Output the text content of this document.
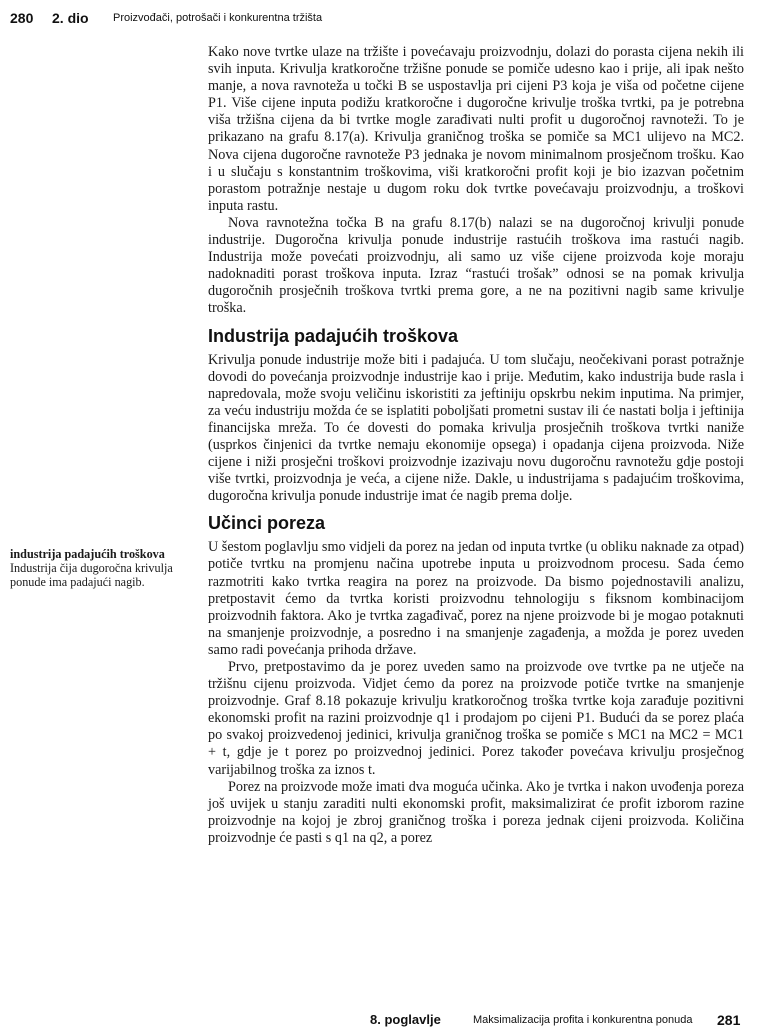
280 2. dio Proizvođači, potrošači i konkurentna tržišta

Kako nove tvrtke ulaze na tržište i povećavaju proizvodnju, dolazi do porasta cijena nekih ili svih inputa. Krivulja kratkoročne tržišne ponude se pomiče udesno kao i prije, ali ipak nešto manje, a nova ravnoteža u točki B se uspostavlja pri cijeni P3 koja je viša od početne cijene P1. Više cijene inputa podižu kratkoročne i dugoročne krivulje troška tvrtki, pa je potrebna viša tržišna cijena da bi tvrtke mogle zarađivati nulti profit u dugoročnoj ravnoteži. To je prikazano na grafu 8.17(a). Krivulja graničnog troška se pomiče sa MC1 ulijevo na MC2. Nova cijena dugoročne ravnoteže P3 jednaka je novom minimalnom prosječnom trošku. Kao i u slučaju s konstantnim troškovima, viši kratkoročni profit koji je bio izazvan početnim porastom potražnje nestaje u dugom roku dok tvrtke povećavaju proizvodnju, a troškovi inputa rastu.

Nova ravnotežna točka B na grafu 8.17(b) nalazi se na dugoročnoj krivulji ponude industrije. Dugoročna krivulja ponude industrije rastućih troškova ima rastući nagib. Industrija može povećati proizvodnju, ali samo uz više cijene proizvoda koje moraju nadoknaditi porast troškova inputa. Izraz “rastući trošak” odnosi se na pomak krivulja dugoročnih prosječnih troškova tvrtki prema gore, a ne na pozitivni nagib same krivulje troška.

Industrija padajućih troškova

Krivulja ponude industrije može biti i padajuća. U tom slučaju, neočekivani porast potražnje dovodi do povećanja proizvodnje industrije kao i prije. Međutim, kako industrija bude rasla i napredovala, može svoju veličinu iskoristiti za jeftiniju opskrbu nekim inputima. Na primjer, za veću industriju možda će se isplatiti poboljšati prometni sustav ili će nastati bolja i jeftinija financijska mreža. To će dovesti do pomaka krivulja prosječnih troškova tvrtki naniže (usprkos činjenici da tvrtke nemaju ekonomije opsega) i opadanja cijena proizvoda. Niže cijene i niži prosječni troškovi proizvodnje izazivaju novu dugoročnu ravnotežu gdje postoji više tvrtki, proizvodnja je veća, a cijene niže. Dakle, u industrijama s padajućim troškovima, dugoročna krivulja ponude industrije imat će nagib prema dolje.

Učinci poreza

U šestom poglavlju smo vidjeli da porez na jedan od inputa tvrtke (u obliku naknade za otpad) potiče tvrtku na promjenu načina upotrebe inputa u proizvodnom procesu. Sada ćemo razmotriti kako tvrtka reagira na porez na proizvode. Da bismo pojednostavili analizu, pretpostavit ćemo da tvrtka koristi proizvodnu tehnologiju s fiksnom kombinacijom proizvodnih faktora. Ako je tvrtka zagađivač, porez na njene proizvode bi je mogao potaknuti na smanjenje proizvodnje, a posredno i na smanjenje zagađenja, a možda je porez uveden samo radi povećanja prihoda države.

Prvo, pretpostavimo da je porez uveden samo na proizvode ove tvrtke pa ne utječe na tržišnu cijenu proizvoda. Vidjet ćemo da porez na proizvode potiče tvrtke na smanjenje proizvodnje. Graf 8.18 pokazuje krivulju kratkoročnog troška tvrtke koja zarađuje pozitivni ekonomski profit na razini proizvodnje q1 i prodajom po cijeni P1. Budući da se porez plaća po svakoj proizvedenoj jedinici, krivulja graničnog troška se pomiče s MC1 na MC2 = MC1 + t, gdje je t porez po proizvednoj jedinici. Porez također povećava krivulju prosječnog varijabilnog troška za iznos t.

Porez na proizvode može imati dva moguća učinka. Ako je tvrtka i nakon uvođenja poreza još uvijek u stanju zaraditi nulti ekonomski profit, maksimalizirat će profit izborom razine proizvodnje na kojoj je zbroj graničnog troška i poreza jednak cijeni proizvoda. Količina proizvodnje će pasti s q1 na q2, a porez

industrija padajućih troškova
Industrija čija dugoročna krivulja ponude ima padajući nagib.
8. poglavlje	Maksimalizacija profita i konkurentna ponuda 281
